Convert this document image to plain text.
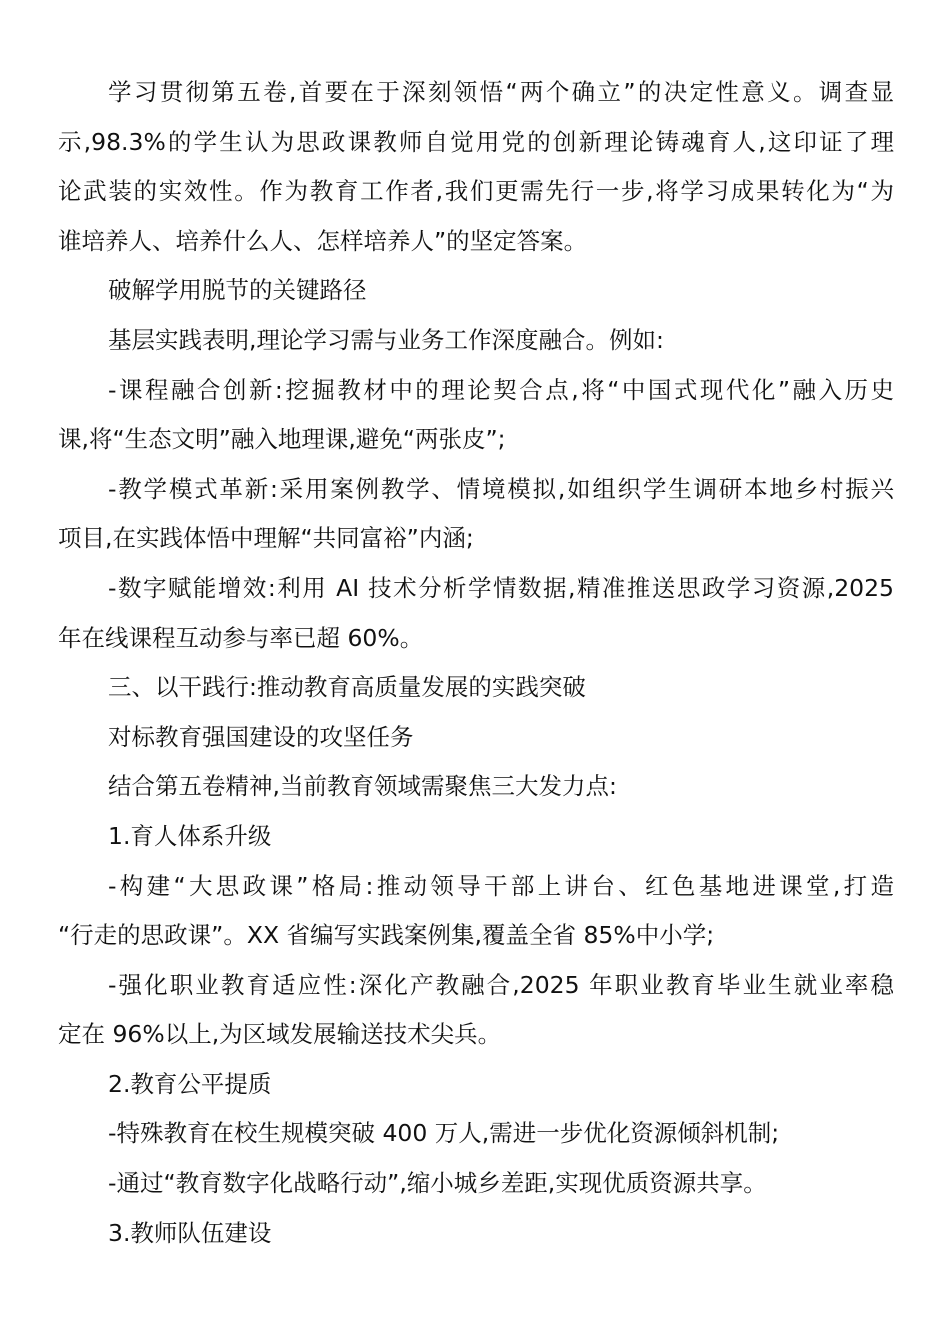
学习贯彻第五卷,首要在于深刻领悟“两个确立”的决定性意义。调查显
示,98.3%的学生认为思政课教师自觉用党的创新理论铸魂育人,这印证了理
论武装的实效性。作为教育工作者,我们更需先行一步,将学习成果转化为“为
谁培养人、培养什么人、怎样培养人”的坚定答案。
破解学用脱节的关键路径
基层实践表明,理论学习需与业务工作深度融合。例如:
-课程融合创新:挖掘教材中的理论契合点,将“中国式现代化”融入历史
课,将“生态文明”融入地理课,避免“两张皮”;
-教学模式革新:采用案例教学、情境模拟,如组织学生调研本地乡村振兴
项目,在实践体悟中理解“共同富裕”内涵;
-数字赋能增效:利用 AI 技术分析学情数据,精准推送思政学习资源,2025
年在线课程互动参与率已超 60%。
三、以干践行:推动教育高质量发展的实践突破
对标教育强国建设的攻坚任务
结合第五卷精神,当前教育领域需聚焦三大发力点:
1.育人体系升级
-构建“大思政课”格局:推动领导干部上讲台、红色基地进课堂,打造
“行走的思政课”。XX 省编写实践案例集,覆盖全省 85%中小学;
-强化职业教育适应性:深化产教融合,2025 年职业教育毕业生就业率稳
定在 96%以上,为区域发展输送技术尖兵。
2.教育公平提质
-特殊教育在校生规模突破 400 万人,需进一步优化资源倾斜机制;
-通过“教育数字化战略行动”,缩小城乡差距,实现优质资源共享。
3.教师队伍建设
